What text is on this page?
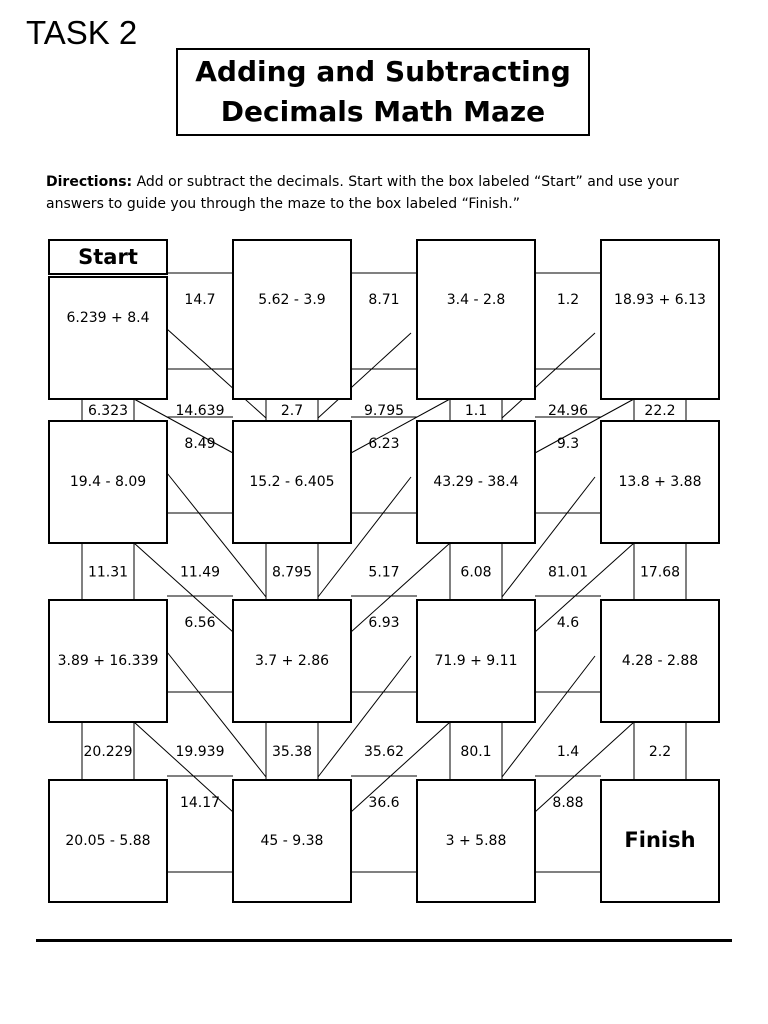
TASK 2
Adding and Subtracting
Decimals Math Maze
Directions: Add or subtract the decimals. Start with the box labeled “Start” and use your answers to guide you through the maze to the box labeled “Finish.”
14.7	8.71	1.2
8.49	6.23	9.3
6.56	6.93	4.6
14.17	36.6	8.88
6.323	2.7	1.1	22.2
11.31	8.795	6.08	17.68
20.229	35.38	80.1	2.2
14.639	9.795	24.96
11.49	5.17	81.01
19.939	35.62	1.4
Start
6.239 + 8.4
5.62 - 3.9	3.4 - 2.8	18.93 + 6.13
19.4 - 8.09	15.2 - 6.405	43.29 - 38.4	13.8 + 3.88
3.89 + 16.339	3.7 + 2.86	71.9 + 9.11	4.28 - 2.88
20.05 - 5.88	45 - 9.38	3 + 5.88	Finish
